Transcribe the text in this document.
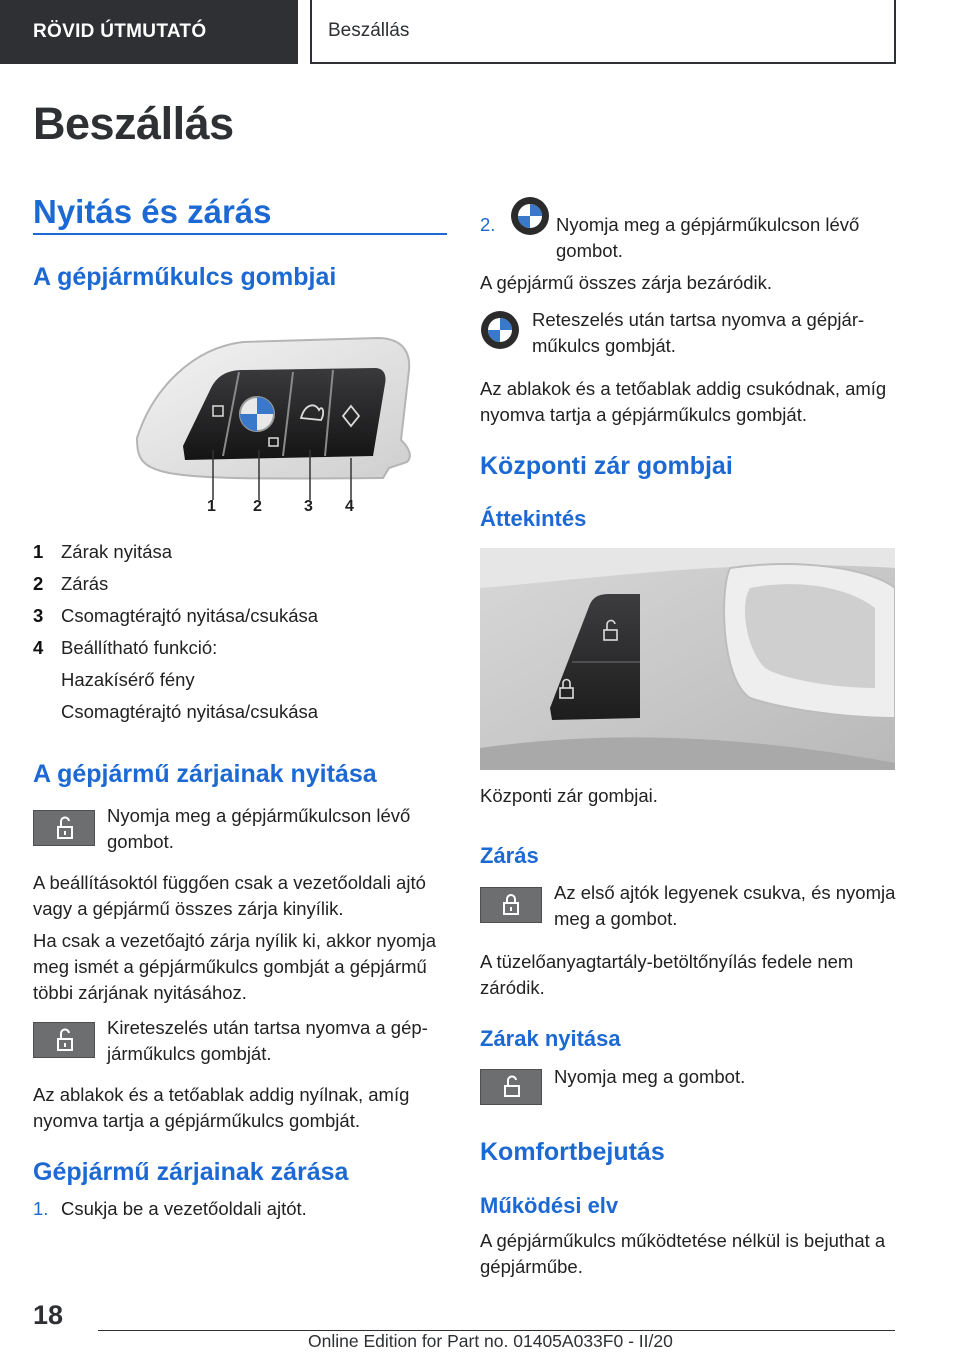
RÖVID ÚTMUTATÓ	Beszállás
Beszállás
Nyitás és zárás
A gépjárműkulcs gombjai
1 2	3 4
1 Zárak nyitása
2 Zárás
3 Csomagtérajtó nyitása/csukása
4 Beállítható funkció:
Hazakísérő fény
Csomagtérajtó nyitása/csukása
A gépjármű zárjainak nyitása

Nyomja meg a gépjárműkulcson lévő gombot.

A beállításoktól függően csak a vezetőoldali ajtó vagy a gépjármű összes zárja kinyílik.

Ha csak a vezetőajtó zárja nyílik ki, akkor nyomja meg ismét a gépjárműkulcs gombját a gépjármű többi zárjának nyitásához.

Kireteszelés után tartsa nyomva a gép-járműkulcs gombját.

Az ablakok és a tetőablak addig nyílnak, amíg nyomva tartja a gépjárműkulcs gombját.

Gépjármű zárjainak zárása

1. Csukja be a vezetőoldali ajtót.

2.	Nyomja meg a gépjárműkulcson lévő gombot.

A gépjármű összes zárja bezáródik.

Reteszelés után tartsa nyomva a gépjár-műkulcs gombját.

Az ablakok és a tetőablak addig csukódnak, amíg nyomva tartja a gépjárműkulcs gombját.

Központi zár gombjai
Áttekintés

Központi zár gombjai.

Zárás

Az első ajtók legyenek csukva, és nyomja meg a gombot.

A tüzelőanyagtartály-betöltőnyílás fedele nem záródik.

Zárak nyitása

Nyomja meg a gombot.

Komfortbejutás
Működési elv

A gépjárműkulcs működtetése nélkül is bejuthat a gépjárműbe.

18
Online Edition for Part no. 01405A033F0 - II/20
